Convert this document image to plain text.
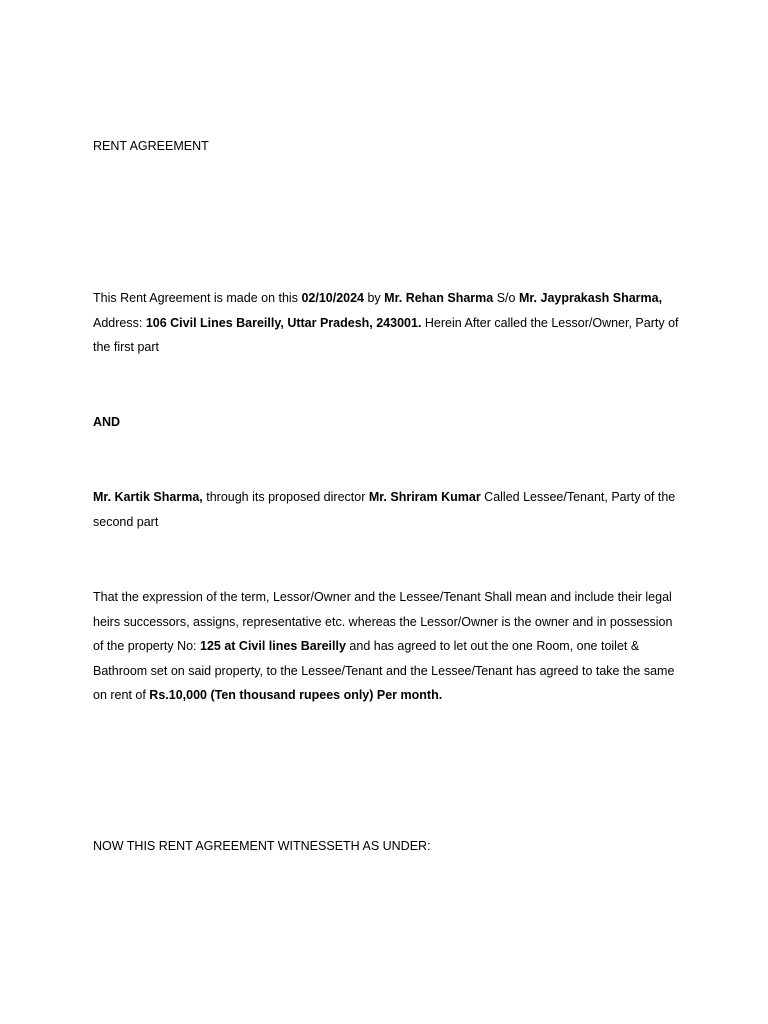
RENT AGREEMENT

This Rent Agreement is made on this 02/10/2024 by Mr. Rehan Sharma S/o Mr. Jayprakash Sharma, Address: 106 Civil Lines Bareilly, Uttar Pradesh, 243001. Herein After called the Lessor/Owner, Party of the first part

AND

Mr. Kartik Sharma, through its proposed director Mr. Shriram Kumar Called Lessee/Tenant, Party of the second part

That the expression of the term, Lessor/Owner and the Lessee/Tenant Shall mean and include their legal heirs successors, assigns, representative etc. whereas the Lessor/Owner is the owner and in possession of the property No: 125 at Civil lines Bareilly and has agreed to let out the one Room, one toilet & Bathroom set on said property, to the Lessee/Tenant and the Lessee/Tenant has agreed to take the same on rent of Rs.10,000 (Ten thousand rupees only) Per month.

NOW THIS RENT AGREEMENT WITNESSETH AS UNDER:
